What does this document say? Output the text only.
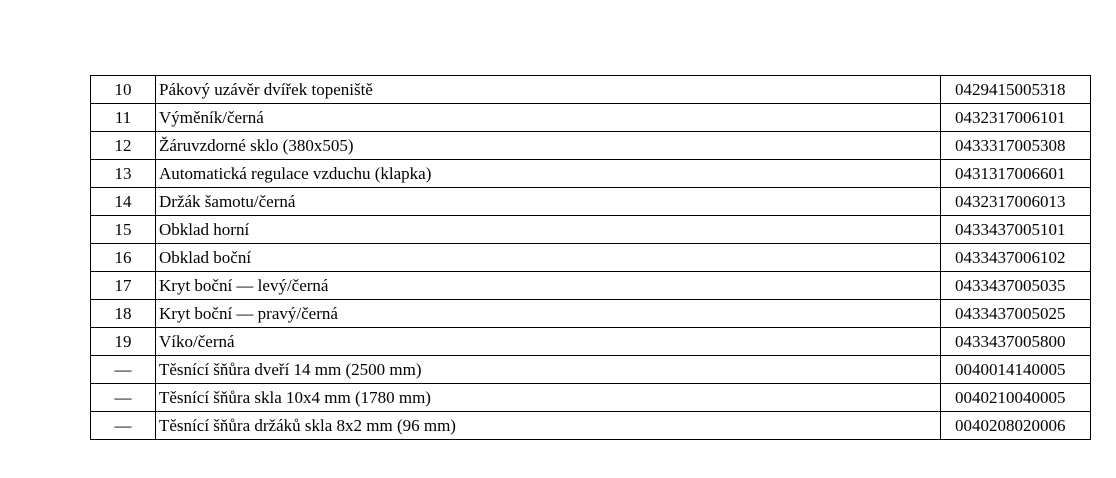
10	Pákový uzávěr dvířek topeniště	0429415005318
11	Výměník/černá	0432317006101
12	Žáruvzdorné sklo (380x505)	0433317005308
13	Automatická regulace vzduchu (klapka)	0431317006601
14	Držák šamotu/černá	0432317006013
15	Obklad horní	0433437005101
16	Obklad boční	0433437006102
17	Kryt boční — levý/černá	0433437005035
18	Kryt boční — pravý/černá	0433437005025
19	Víko/černá	0433437005800
—	Těsnící šňůra dveří 14 mm (2500 mm)	0040014140005
—	Těsnící šňůra skla 10x4 mm (1780 mm)	0040210040005
—	Těsnící šňůra držáků skla 8x2 mm (96 mm)	0040208020006
